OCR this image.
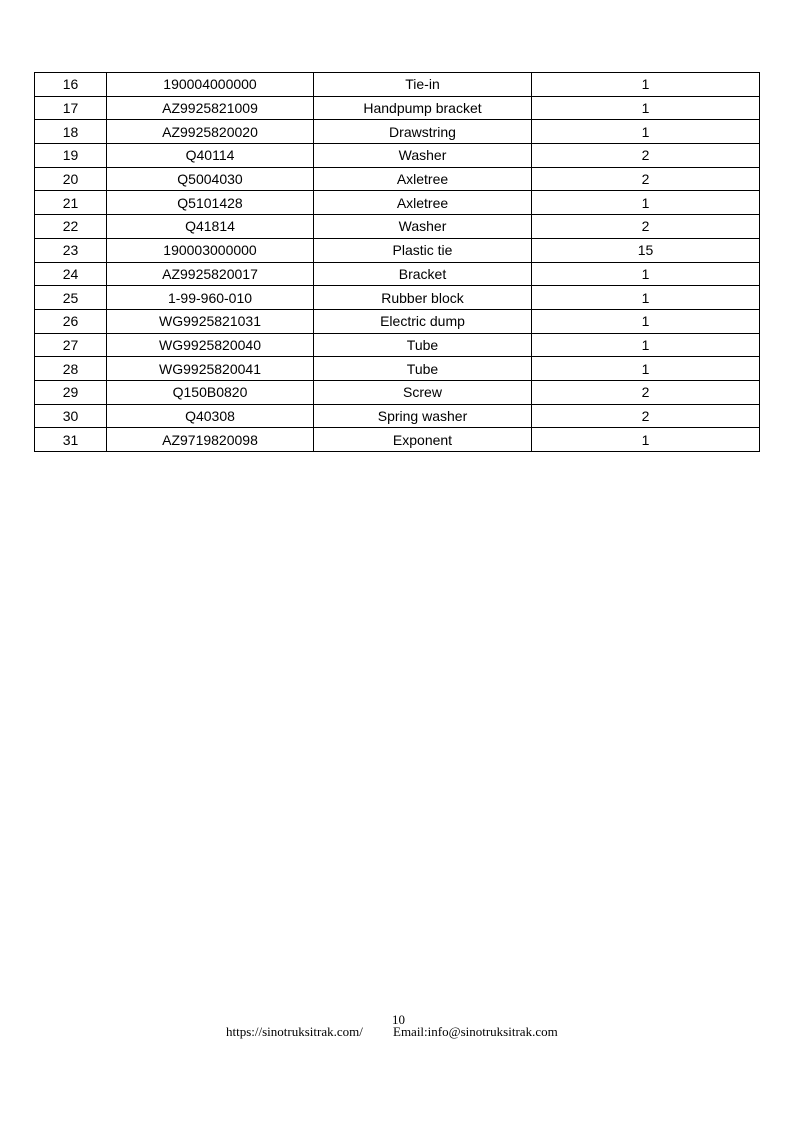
16	190004000000	Tie-in	1
17	AZ9925821009	Handpump bracket	1
18	AZ9925820020	Drawstring	1
19	Q40114	Washer	2
20	Q5004030	Axletree	2
21	Q5101428	Axletree	1
22	Q41814	Washer	2
23	190003000000	Plastic tie	15
24	AZ9925820017	Bracket	1
25	1-99-960-010	Rubber block	1
26	WG9925821031	Electric dump	1
27	WG9925820040	Tube	1
28	WG9925820041	Tube	1
29	Q150B0820	Screw	2
30	Q40308	Spring washer	2
31	AZ9719820098	Exponent	1
10
https://sinotruksitrak.com/ Email:info@sinotruksitrak.com
